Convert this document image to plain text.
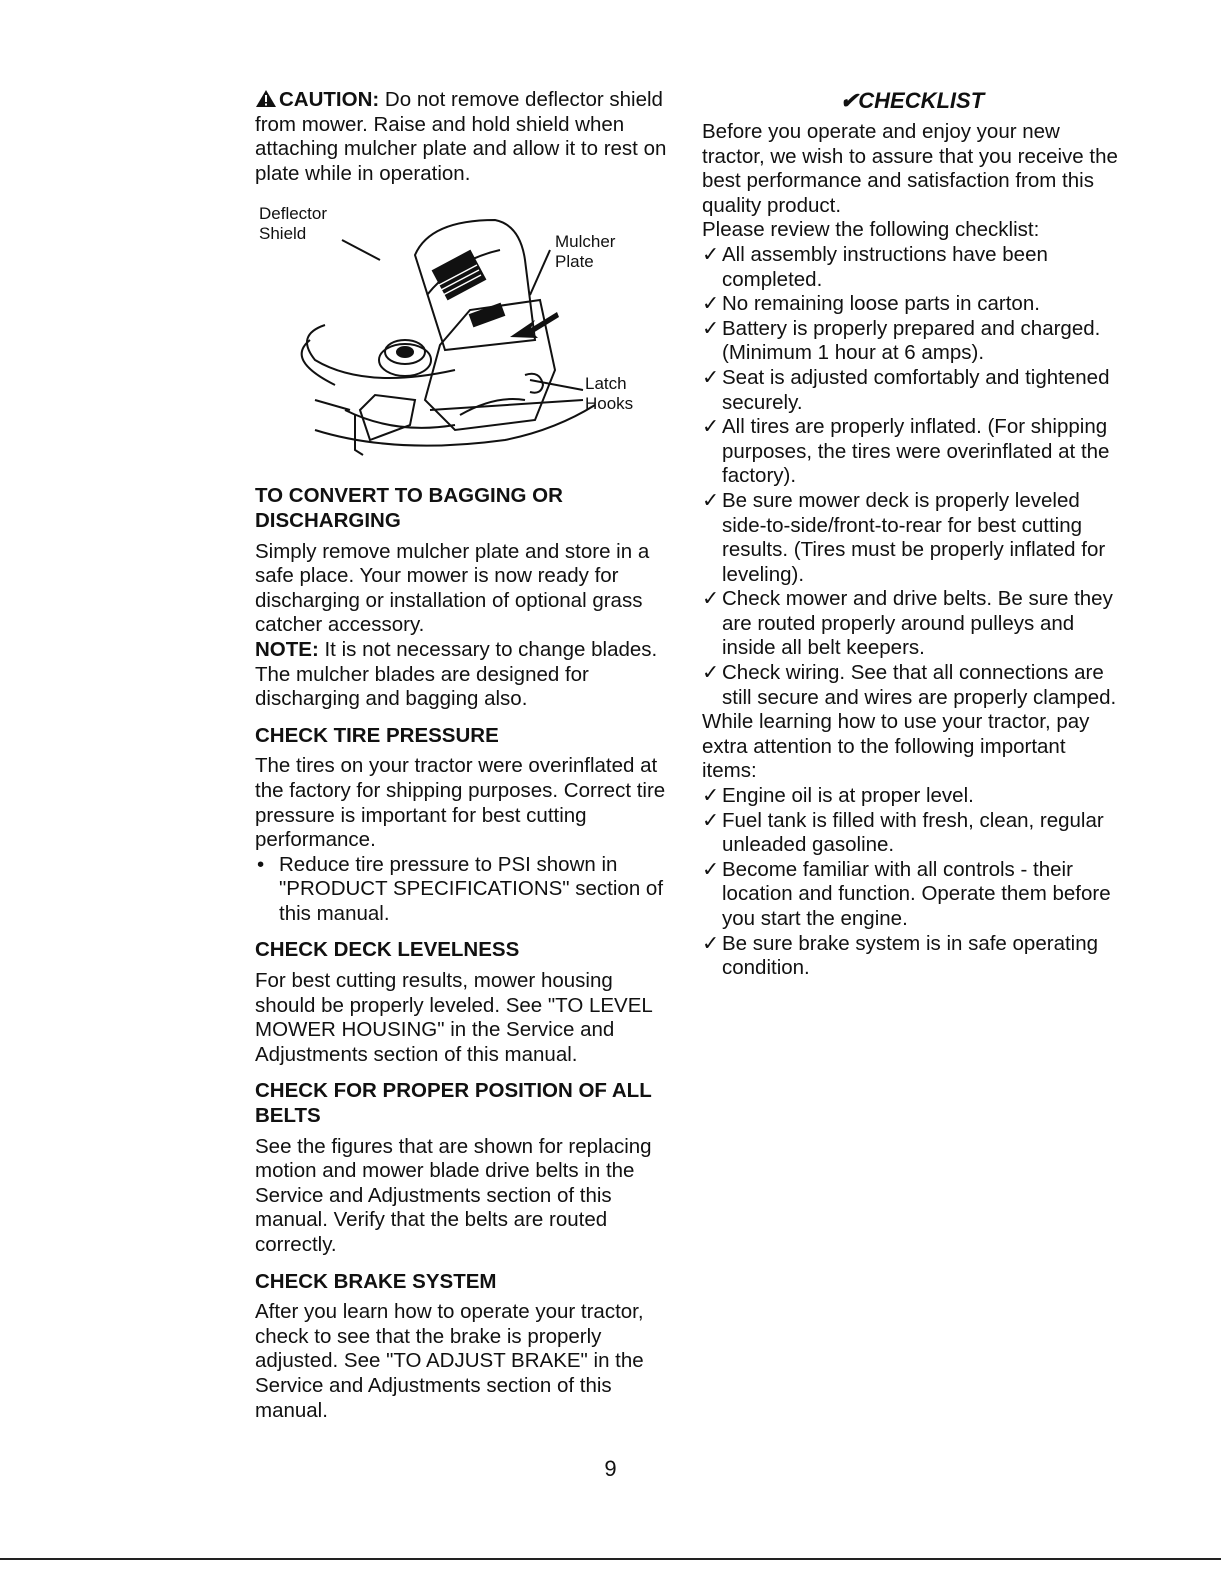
CAUTION: Do not remove deflector shield from mower. Raise and hold shield when attaching mulcher plate and allow it to rest on plate while in operation.

Deflector Shield	Mulcher Plate
Latch Hooks

TO CONVERT TO BAGGING OR DISCHARGING

Simply remove mulcher plate and store in a safe place. Your mower is now ready for discharging or installation of optional grass catcher accessory.

NOTE: It is not necessary to change blades. The mulcher blades are designed for discharging and bagging also.

CHECK TIRE PRESSURE

The tires on your tractor were overinflated at the factory for shipping purposes. Correct tire pressure is important for best cutting performance.

• Reduce tire pressure to PSI shown in "PRODUCT SPECIFICATIONS" section of this manual.

CHECK DECK LEVELNESS

For best cutting results, mower housing should be properly leveled. See "TO LEVEL MOWER HOUSING" in the Service and Adjustments section of this manual.

CHECK FOR PROPER POSITION OF ALL BELTS

See the figures that are shown for replacing motion and mower blade drive belts in the Service and Adjustments section of this manual. Verify that the belts are routed correctly.

CHECK BRAKE SYSTEM

After you learn how to operate your tractor, check to see that the brake is properly adjusted. See "TO ADJUST BRAKE" in the Service and Adjustments section of this manual.

✔CHECKLIST

Before you operate and enjoy your new tractor, we wish to assure that you receive the best performance and satisfaction from this quality product.

Please review the following checklist:

✓ All assembly instructions have been completed.
✓ No remaining loose parts in carton.
✓ Battery is properly prepared and charged.(Minimum 1 hour at 6 amps).
✓ Seat is adjusted comfortably and tightened securely.
✓ All tires are properly inflated. (For shipping purposes, the tires were overinflated at the factory).
✓ Be sure mower deck is properly leveled side-to-side/front-to-rear for best cutting results. (Tires must be properly inflated for leveling).
✓ Check mower and drive belts. Be sure they are routed properly around pulleys and inside all belt keepers.
✓ Check wiring. See that all connections are still secure and wires are properly clamped.

While learning how to use your tractor, pay extra attention to the following important items:

✓ Engine oil is at proper level.
✓ Fuel tank is filled with fresh, clean, regular unleaded gasoline.
✓ Become familiar with all controls - their location and function. Operate them before you start the engine.
✓ Be sure brake system is in safe operating condition.
9
